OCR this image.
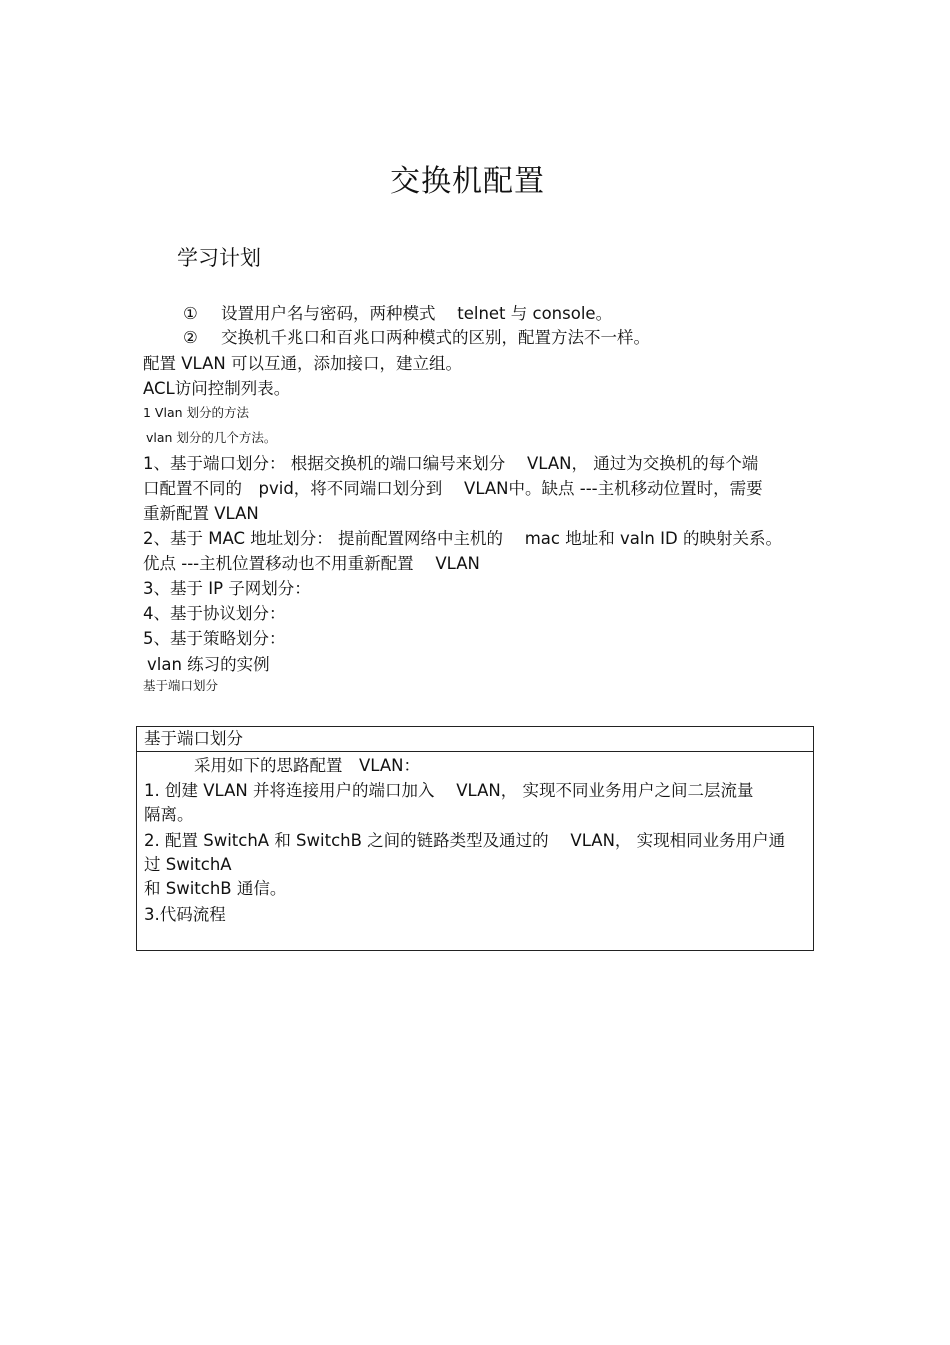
交换机配置
学习计划
① 设置用户名与密码，两种模式　 telnet 与 console。
② 交换机千兆口和百兆口两种模式的区别，配置方法不一样。
配置 VLAN 可以互通，添加接口，建立组。
ACL访问控制列表。
1 Vlan 划分的方法
vlan 划分的几个方法。
1、基于端口划分： 根据交换机的端口编号来划分　 VLAN， 通过为交换机的每个端
口配置不同的　pvid，将不同端口划分到　 VLAN中。缺点 ---主机移动位置时，需要
重新配置 VLAN
2、基于 MAC 地址划分： 提前配置网络中主机的　 mac 地址和 valn ID 的映射关系。
优点 ---主机位置移动也不用重新配置　 VLAN
3、基于 IP 子网划分：
4、基于协议划分：
5、基于策略划分：
vlan 练习的实例
基于端口划分
基于端口划分
采用如下的思路配置　VLAN：
1. 创建 VLAN 并将连接用户的端口加入　 VLAN， 实现不同业务用户之间二层流量
隔离。
2. 配置 SwitchA 和 SwitchB 之间的链路类型及通过的　 VLAN， 实现相同业务用户通
过 SwitchA
和 SwitchB 通信。
3.代码流程
